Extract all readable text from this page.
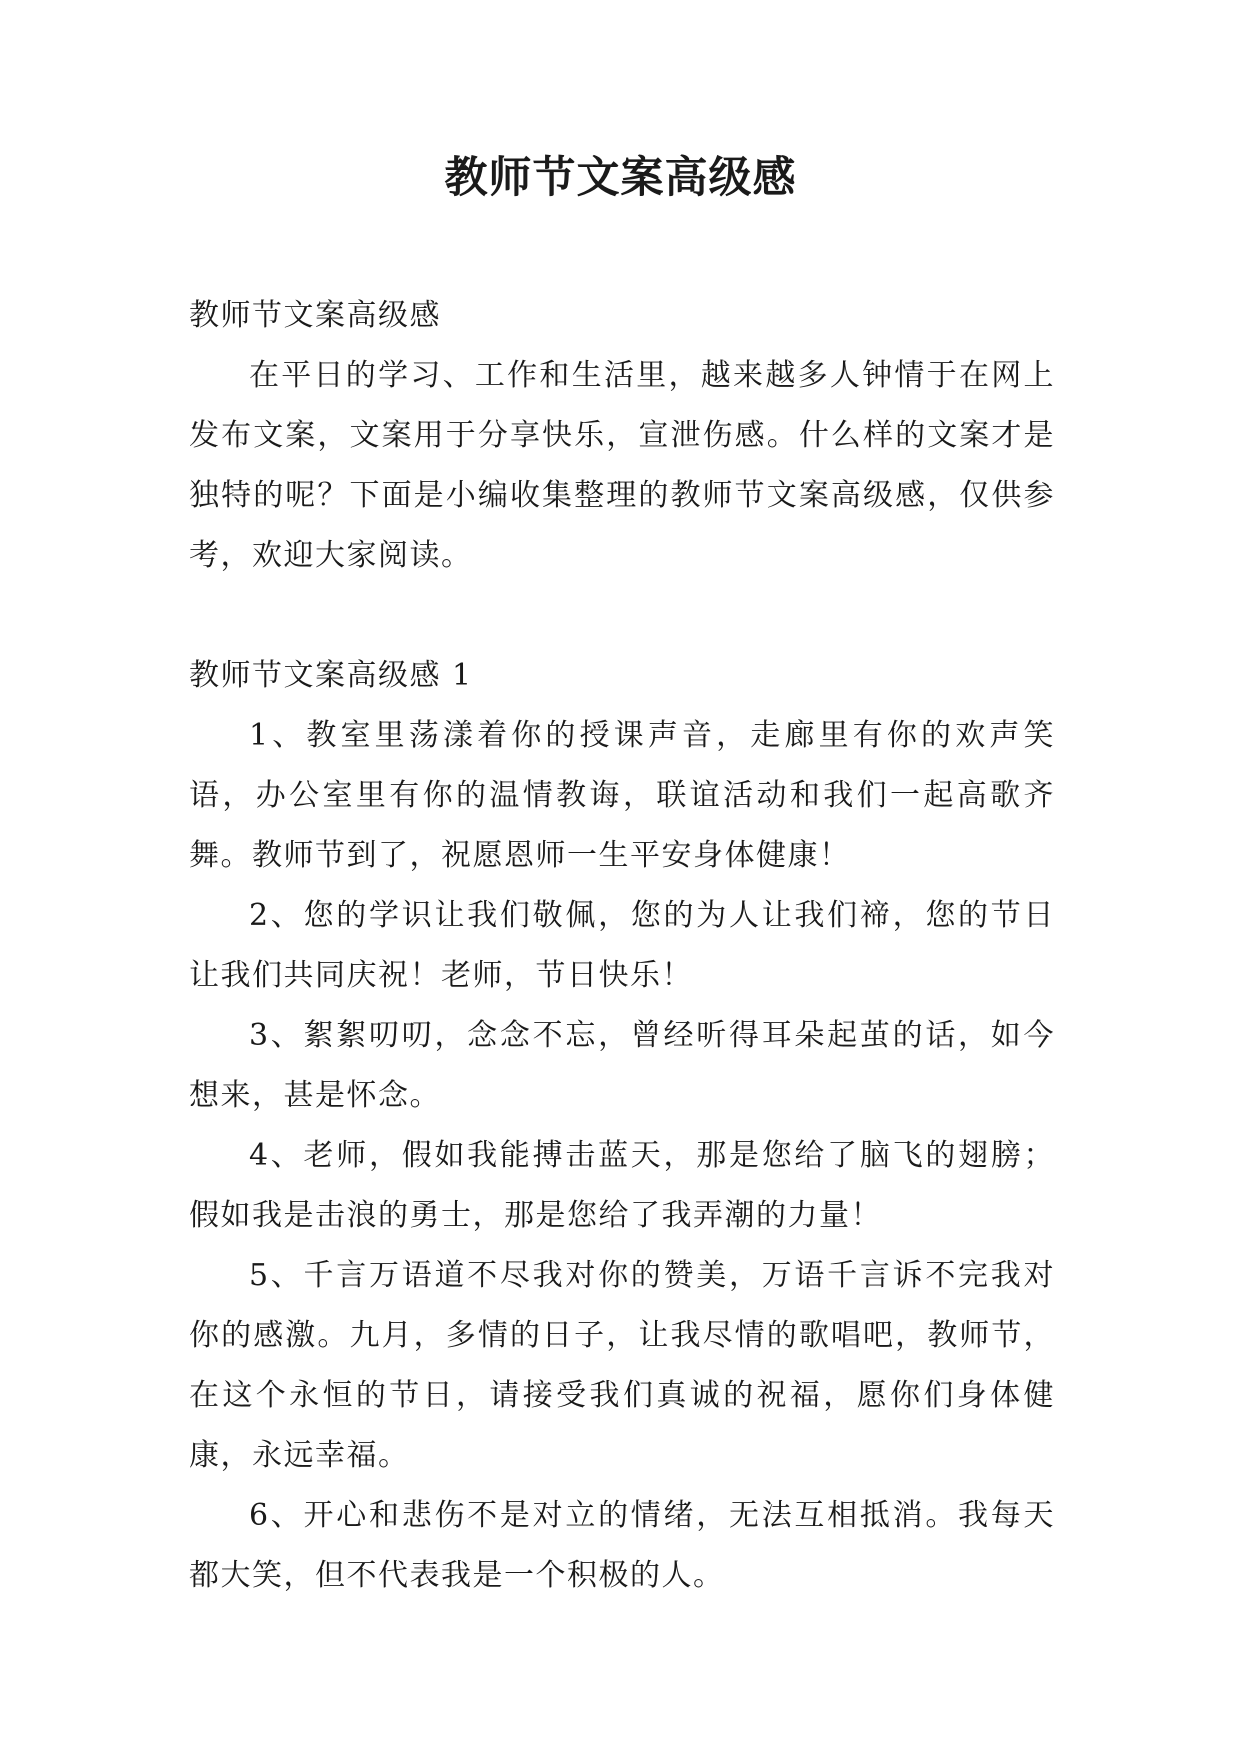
教师节文案高级感

教师节文案高级感

在平日的学习、工作和生活里，越来越多人钟情于在网上发布文案，文案用于分享快乐，宣泄伤感。什么样的文案才是独特的呢？下面是小编收集整理的教师节文案高级感，仅供参考，欢迎大家阅读。

教师节文案高级感 1

1、教室里荡漾着你的授课声音，走廊里有你的欢声笑语，办公室里有你的温情教诲，联谊活动和我们一起高歌齐舞。教师节到了，祝愿恩师一生平安身体健康！

2、您的学识让我们敬佩，您的为人让我们禘，您的节日让我们共同庆祝！老师，节日快乐！

3、絮絮叨叨，念念不忘，曾经听得耳朵起茧的话，如今想来，甚是怀念。

4、老师，假如我能搏击蓝天，那是您给了脑飞的翅膀；假如我是击浪的勇士，那是您给了我弄潮的力量！

5、千言万语道不尽我对你的赞美，万语千言诉不完我对你的感激。九月，多情的日子，让我尽情的歌唱吧，教师节，在这个永恒的节日，请接受我们真诚的祝福，愿你们身体健康，永远幸福。

6、开心和悲伤不是对立的情绪，无法互相抵消。我每天都大笑，但不代表我是一个积极的人。
